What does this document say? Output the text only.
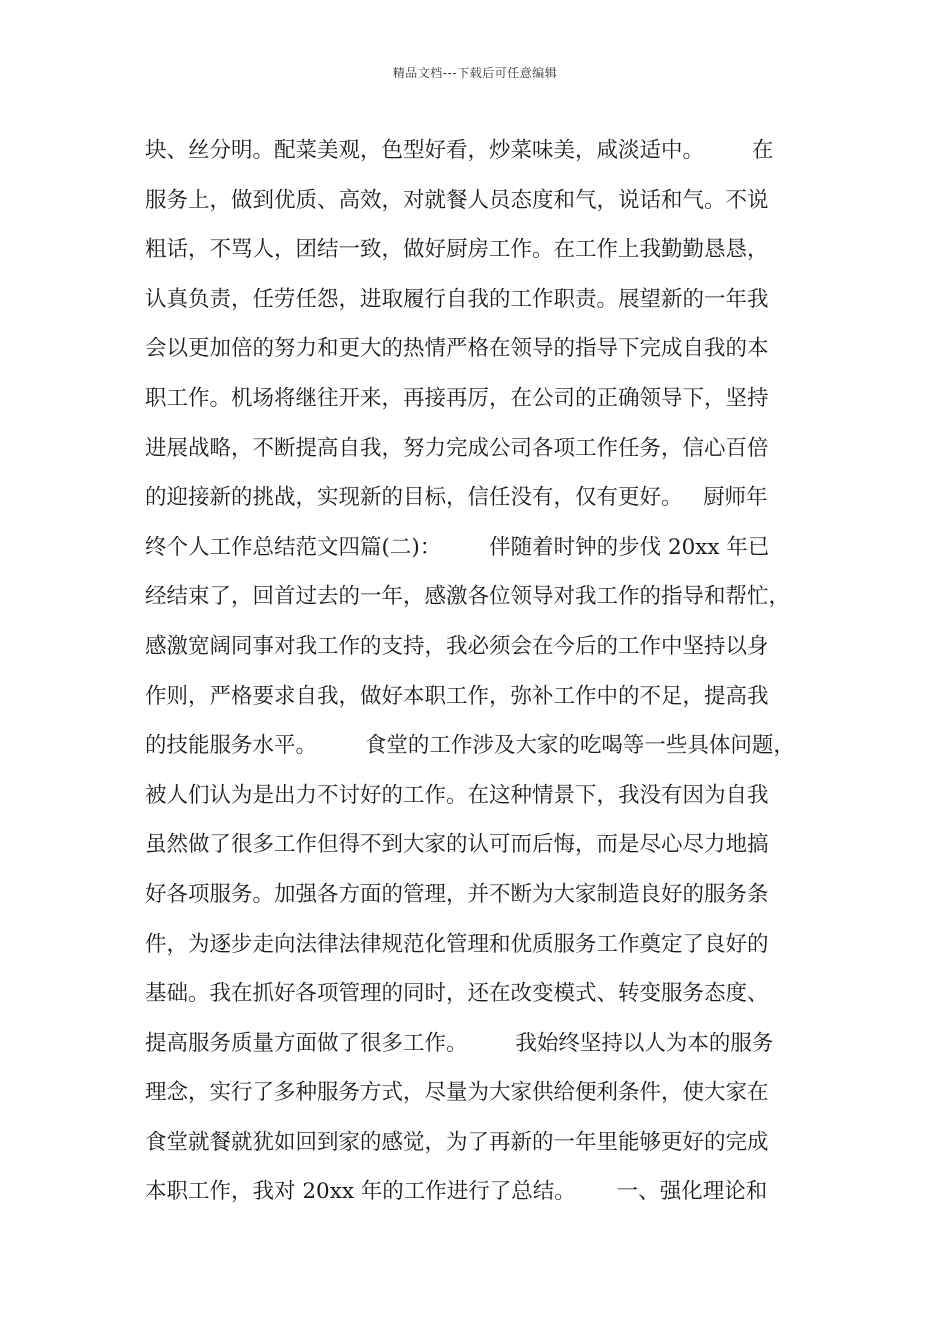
精品文档---下载后可任意编辑
块、丝分明。配菜美观，色型好看，炒菜味美，咸淡适中。       在
服务上，做到优质、高效，对就餐人员态度和气，说话和气。不说
粗话，不骂人，团结一致，做好厨房工作。在工作上我勤勤恳恳，
认真负责，任劳任怨，进取履行自我的工作职责。展望新的一年我
会以更加倍的努力和更大的热情严格在领导的指导下完成自我的本
职工作。机场将继往开来，再接再厉，在公司的正确领导下，坚持
进展战略，不断提高自我，努力完成公司各项工作任务，信心百倍
的迎接新的挑战，实现新的目标，信任没有，仅有更好。   厨师年
终个人工作总结范文四篇(二)：       伴随着时钟的步伐 20xx 年已
经结束了，回首过去的一年，感激各位领导对我工作的指导和帮忙，
感激宽阔同事对我工作的支持，我必须会在今后的工作中坚持以身
作则，严格要求自我，做好本职工作，弥补工作中的不足，提高我
的技能服务水平。       食堂的工作涉及大家的吃喝等一些具体问题，
被人们认为是出力不讨好的工作。在这种情景下，我没有因为自我
虽然做了很多工作但得不到大家的认可而后悔，而是尽心尽力地搞
好各项服务。加强各方面的管理，并不断为大家制造良好的服务条
件，为逐步走向法律法律规范化管理和优质服务工作奠定了良好的
基础。我在抓好各项管理的同时，还在改变模式、转变服务态度、
提高服务质量方面做了很多工作。       我始终坚持以人为本的服务
理念，实行了多种服务方式，尽量为大家供给便利条件，使大家在
食堂就餐就犹如回到家的感觉，为了再新的一年里能够更好的完成
本职工作，我对 20xx 年的工作进行了总结。      一、强化理论和
